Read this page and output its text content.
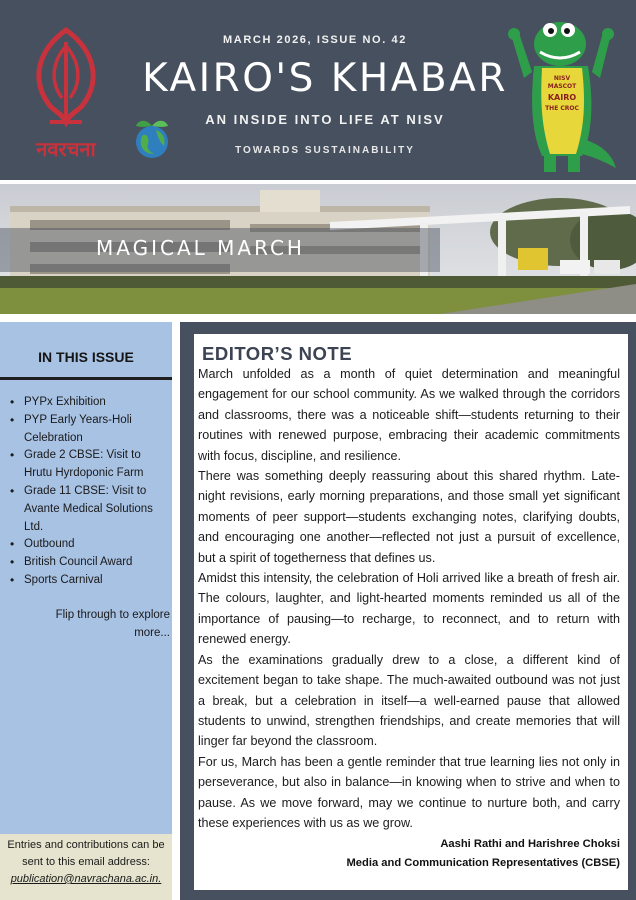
नवरचना
MARCH 2026, ISSUE NO. 42
KAIRO'S KHABAR
AN INSIDE INTO LIFE AT NISV
TOWARDS SUSTAINABILITY
NISV
MASCOT
KAIRO
THE CROC
MAGICAL MARCH
IN THIS ISSUE
• PYPx Exhibition
• PYP Early Years-Holi Celebration
• Grade 2 CBSE: Visit to Hrutu Hyrdoponic Farm
• Grade 11 CBSE: Visit to Avante Medical Solutions Ltd.
• Outbound
• British Council Award
• Sports Carnival
Flip through to explore more...
Entries and contributions can be sent to this email address:
publication@navrachana.ac.in.
EDITOR’S NOTE

March unfolded as a month of quiet determination and meaningful engagement for our school community. As we walked through the corridors and classrooms, there was a noticeable shift—students returning to their routines with renewed purpose, embracing their academic commitments with focus, discipline, and resilience.

There was something deeply reassuring about this shared rhythm. Late-night revisions, early morning preparations, and those small yet significant moments of peer support—students exchanging notes, clarifying doubts, and encouraging one another—reflected not just a pursuit of excellence, but a spirit of togetherness that defines us.

Amidst this intensity, the celebration of Holi arrived like a breath of fresh air. The colours, laughter, and light-hearted moments reminded us all of the importance of pausing—to recharge, to reconnect, and to return with renewed energy.

As the examinations gradually drew to a close, a different kind of excitement began to take shape. The much-awaited outbound was not just a break, but a celebration in itself—a well-earned pause that allowed students to unwind, strengthen friendships, and create memories that will linger far beyond the classroom.

For us, March has been a gentle reminder that true learning lies not only in perseverance, but also in balance—in knowing when to strive and when to pause. As we move forward, may we continue to nurture both, and carry these experiences with us as we grow.

Aashi Rathi and Harishree Choksi
Media and Communication Representatives (CBSE)
